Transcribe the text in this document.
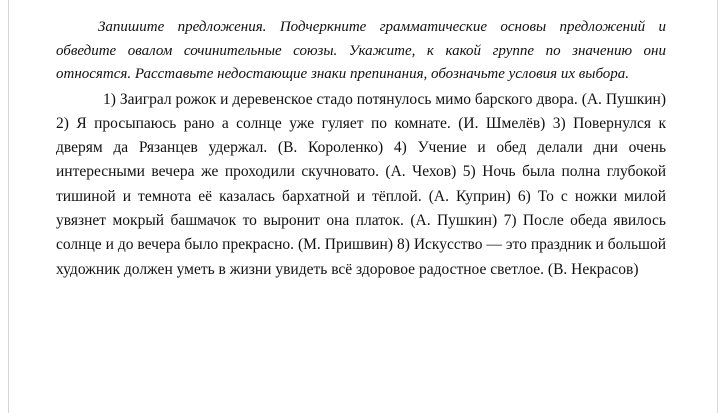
Запишите предложения. Подчеркните грамматические основы предложений и обведите овалом сочинительные союзы. Укажите, к какой группе по значению они относятся. Расставьте недостающие знаки препинания, обозначьте условия их выбора.

1) Заиграл рожок и деревенское стадо потянулось мимо барского двора. (А. Пушкин) 2) Я просыпаюсь рано а солнце уже гуляет по комнате. (И. Шмелёв) 3) Повернулся к дверям да Рязанцев удержал. (В. Короленко) 4) Учение и обед делали дни очень интересными вечера же проходили скучновато. (А. Чехов) 5) Ночь была полна глубокой тишиной и темнота её казалась бархатной и тёплой. (А. Куприн) 6) То с ножки милой увязнет мокрый башмачок то выронит она платок. (А. Пушкин) 7) После обеда явилось солнце и до вечера было прекрасно. (М. Пришвин) 8) Искусство — это праздник и большой художник должен уметь в жизни увидеть всё здоровое радостное светлое. (В. Некрасов)
